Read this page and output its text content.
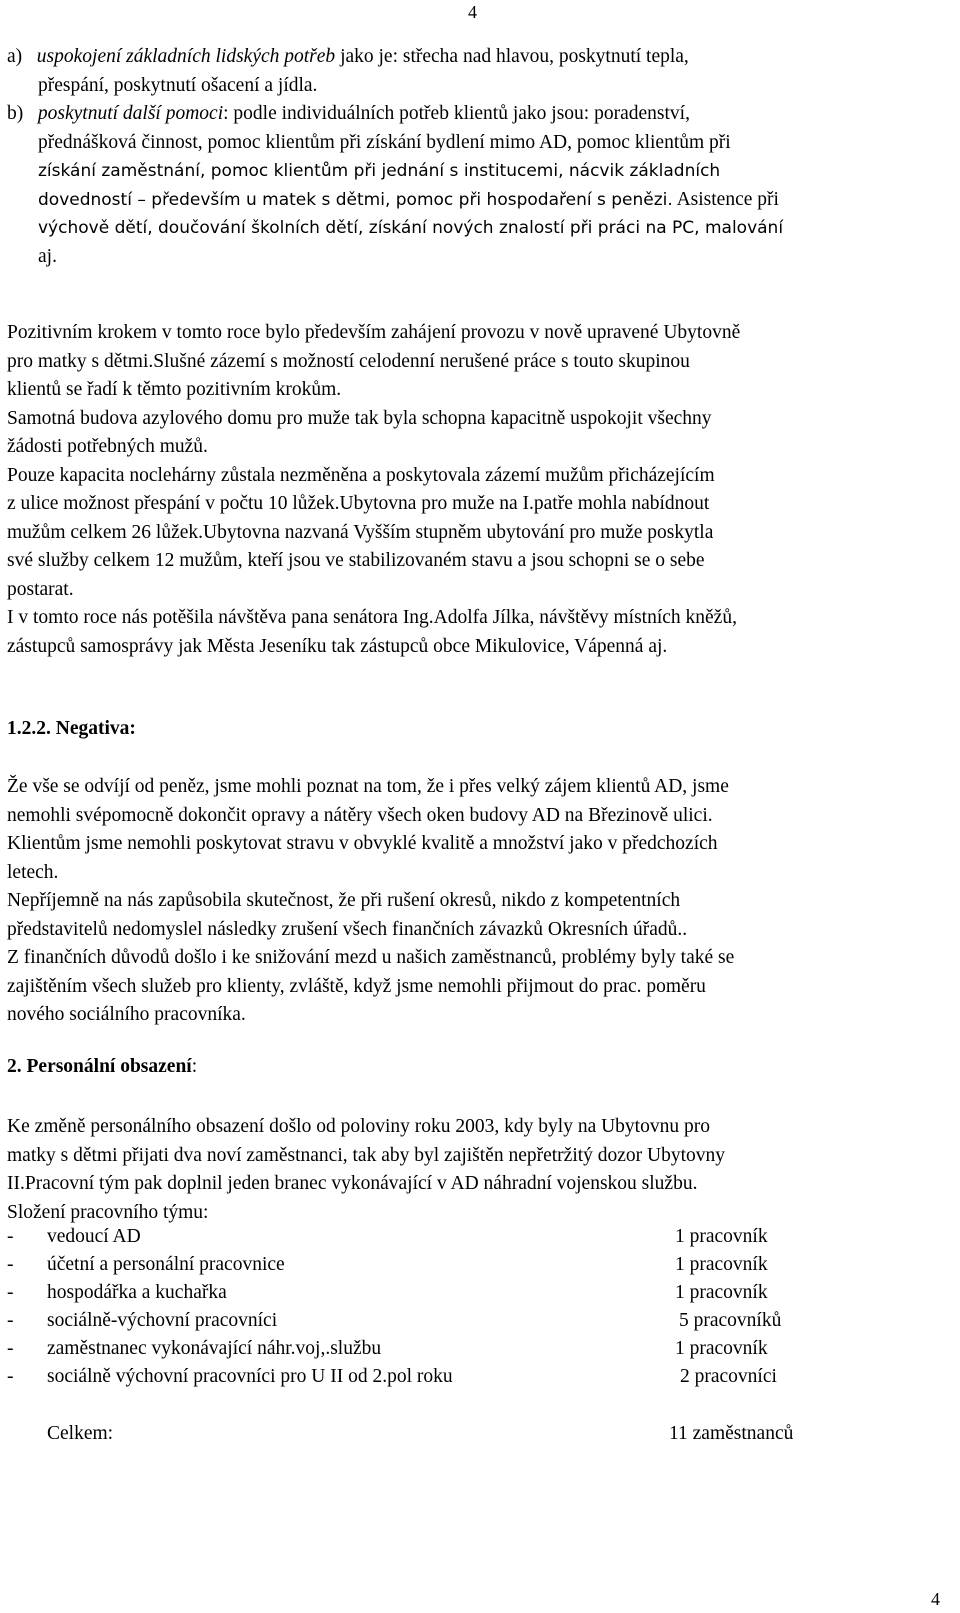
4

a)   uspokojení základních lidských potřeb jako je: střecha nad hlavou, poskytnutí tepla,

přespání, poskytnutí ošacení a jídla.

b)   poskytnutí další pomoci: podle individuálních potřeb klientů jako jsou: poradenství,

přednášková činnost, pomoc klientům při získání bydlení mimo AD, pomoc klientům při

získání zaměstnání, pomoc klientům při jednání s institucemi, nácvik základních

dovedností – především u matek s dětmi, pomoc při hospodaření s penězi. Asistence při

výchově dětí, doučování školních dětí, získání nových znalostí při práci na PC, malování

aj.

Pozitivním krokem v tomto roce bylo především zahájení provozu v nově upravené Ubytovně

pro matky s dětmi.Slušné zázemí s možností celodenní nerušené práce s touto skupinou

klientů se řadí k těmto pozitivním krokům.

Samotná budova azylového domu pro muže tak byla schopna kapacitně uspokojit všechny

žádosti potřebných mužů.

Pouze kapacita noclehárny zůstala nezměněna a poskytovala zázemí mužům přicházejícím

z ulice možnost přespání v počtu 10 lůžek.Ubytovna pro muže na I.patře mohla nabídnout

mužům celkem 26 lůžek.Ubytovna nazvaná Vyšším stupněm ubytování pro muže poskytla

své služby celkem 12 mužům, kteří jsou ve stabilizovaném stavu a jsou schopni se o sebe

postarat.

I v tomto roce nás potěšila návštěva pana senátora Ing.Adolfa Jílka, návštěvy místních kněžů,

zástupců samosprávy jak Města Jeseníku tak zástupců obce Mikulovice, Vápenná aj.

1.2.2. Negativa:

Že vše se odvíjí od peněz, jsme mohli poznat na tom, že i přes velký zájem klientů AD, jsme

nemohli svépomocně dokončit opravy a nátěry všech oken budovy AD na Březinově ulici.

Klientům jsme nemohli poskytovat stravu v obvyklé kvalitě a množství jako v předchozích

letech.

Nepříjemně na nás zapůsobila skutečnost, že při rušení okresů, nikdo z kompetentních

představitelů nedomyslel následky zrušení všech finančních závazků Okresních úřadů..

Z finančních důvodů došlo i ke snižování mezd u našich zaměstnanců, problémy byly také se

zajištěním všech služeb pro klienty, zvláště, když jsme nemohli přijmout do prac. poměru

nového sociálního pracovníka.

2. Personální obsazení:

Ke změně personálního obsazení došlo od poloviny roku 2003, kdy byly na Ubytovnu pro

matky s dětmi přijati dva noví zaměstnanci, tak aby byl zajištěn nepřetržitý dozor Ubytovny

II.Pracovní tým pak doplnil jeden branec vykonávající v AD náhradní vojenskou službu.

Složení pracovního týmu:

- vedoucí AD	1 pracovník
- účetní a personální pracovnice	1 pracovník
- hospodářka a kuchařka	1 pracovník
- sociálně-výchovní pracovníci	5 pracovníků
- zaměstnanec vykonávající náhr.voj,.službu	1 pracovník
- sociálně výchovní pracovníci pro U II od 2.pol roku	2 pracovníci
Celkem:	11 zaměstnanců
4
